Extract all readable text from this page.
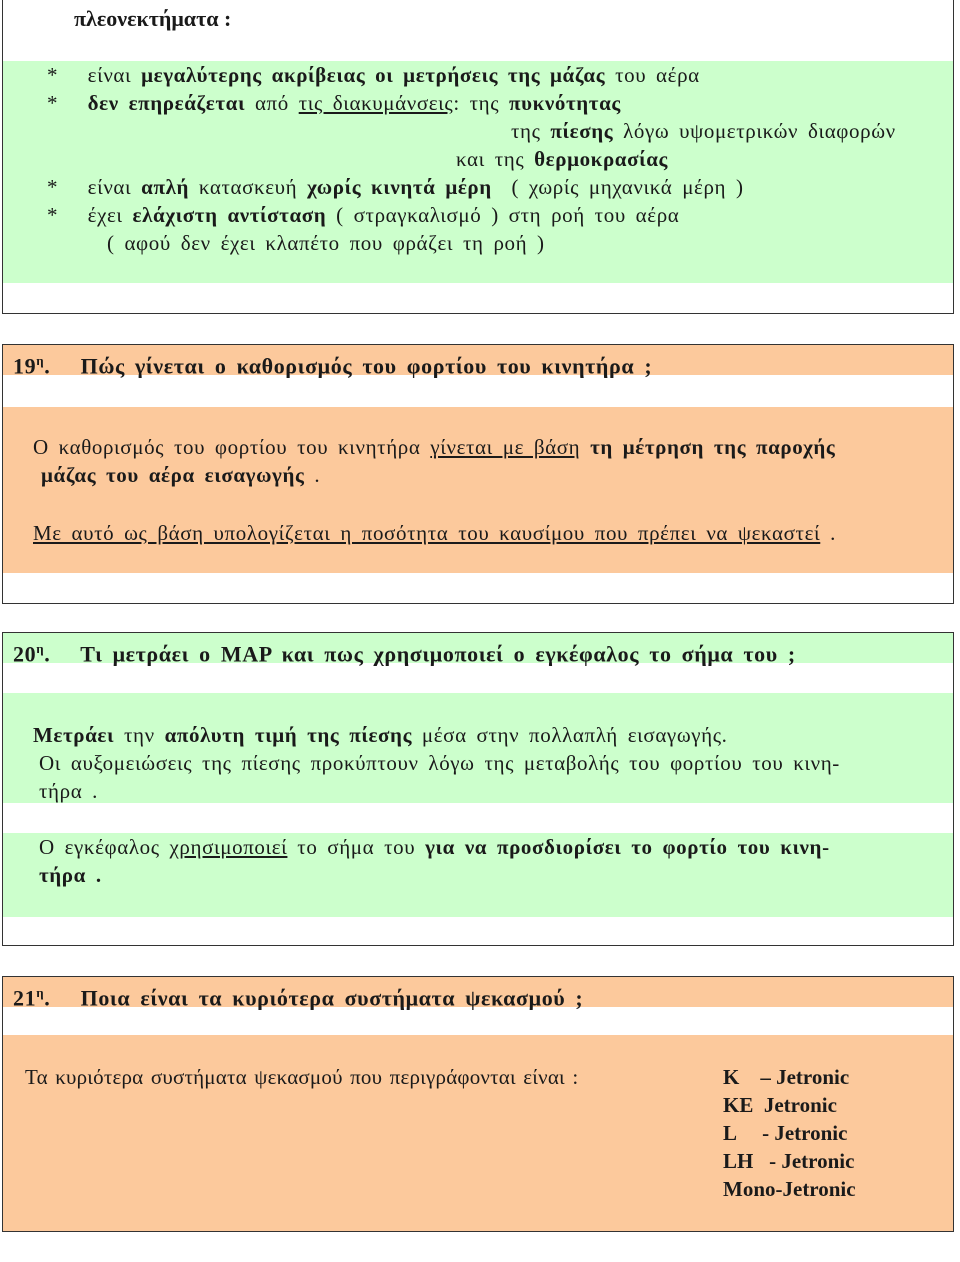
πλεονεκτήματα :
* είναι μεγαλύτερης ακρίβειας οι μετρήσεις της μάζας του αέρα
* δεν επηρεάζεται από τις διακυμάνσεις: της πυκνότητας
της πίεσης λόγω υψομετρικών διαφορών
και της θερμοκρασίας
* είναι απλή κατασκευή χωρίς κινητά μέρη ( χωρίς μηχανικά μέρη )
* έχει ελάχιστη αντίσταση ( στραγκαλισμό ) στη ροή του αέρα
( αφού δεν έχει κλαπέτο που φράζει τη ροή )
$19^\eta$. Πώς γίνεται ο καθορισμός του φορτίου του κινητήρα ;
Ο καθορισμός του φορτίου του κινητήρα γίνεται με βάση τη μέτρηση της παροχής
μάζας του αέρα εισαγωγής .
Με αυτό ως βάση υπολογίζεται η ποσότητα του καυσίμου που πρέπει να ψεκαστεί .
$20^\eta$. Τι μετράει ο MAP και πως χρησιμοποιεί ο εγκέφαλος το σήμα του ;
Μετράει την απόλυτη τιμή της πίεσης μέσα στην πολλαπλή εισαγωγής.
Οι αυξομειώσεις της πίεσης προκύπτουν λόγω της μεταβολής του φορτίου του κινη-
τήρα .
Ο εγκέφαλος χρησιμοποιεί το σήμα του για να προσδιορίσει το φορτίο του κινη-
τήρα .
$21^\eta$. Ποια είναι τα κυριότερα συστήματα ψεκασμού ;
Τα κυριότερα συστήματα ψεκασμού που περιγράφονται είναι :	K    – Jetronic
KE  Jetronic
L     - Jetronic
LH   - Jetronic
Mono-Jetronic
